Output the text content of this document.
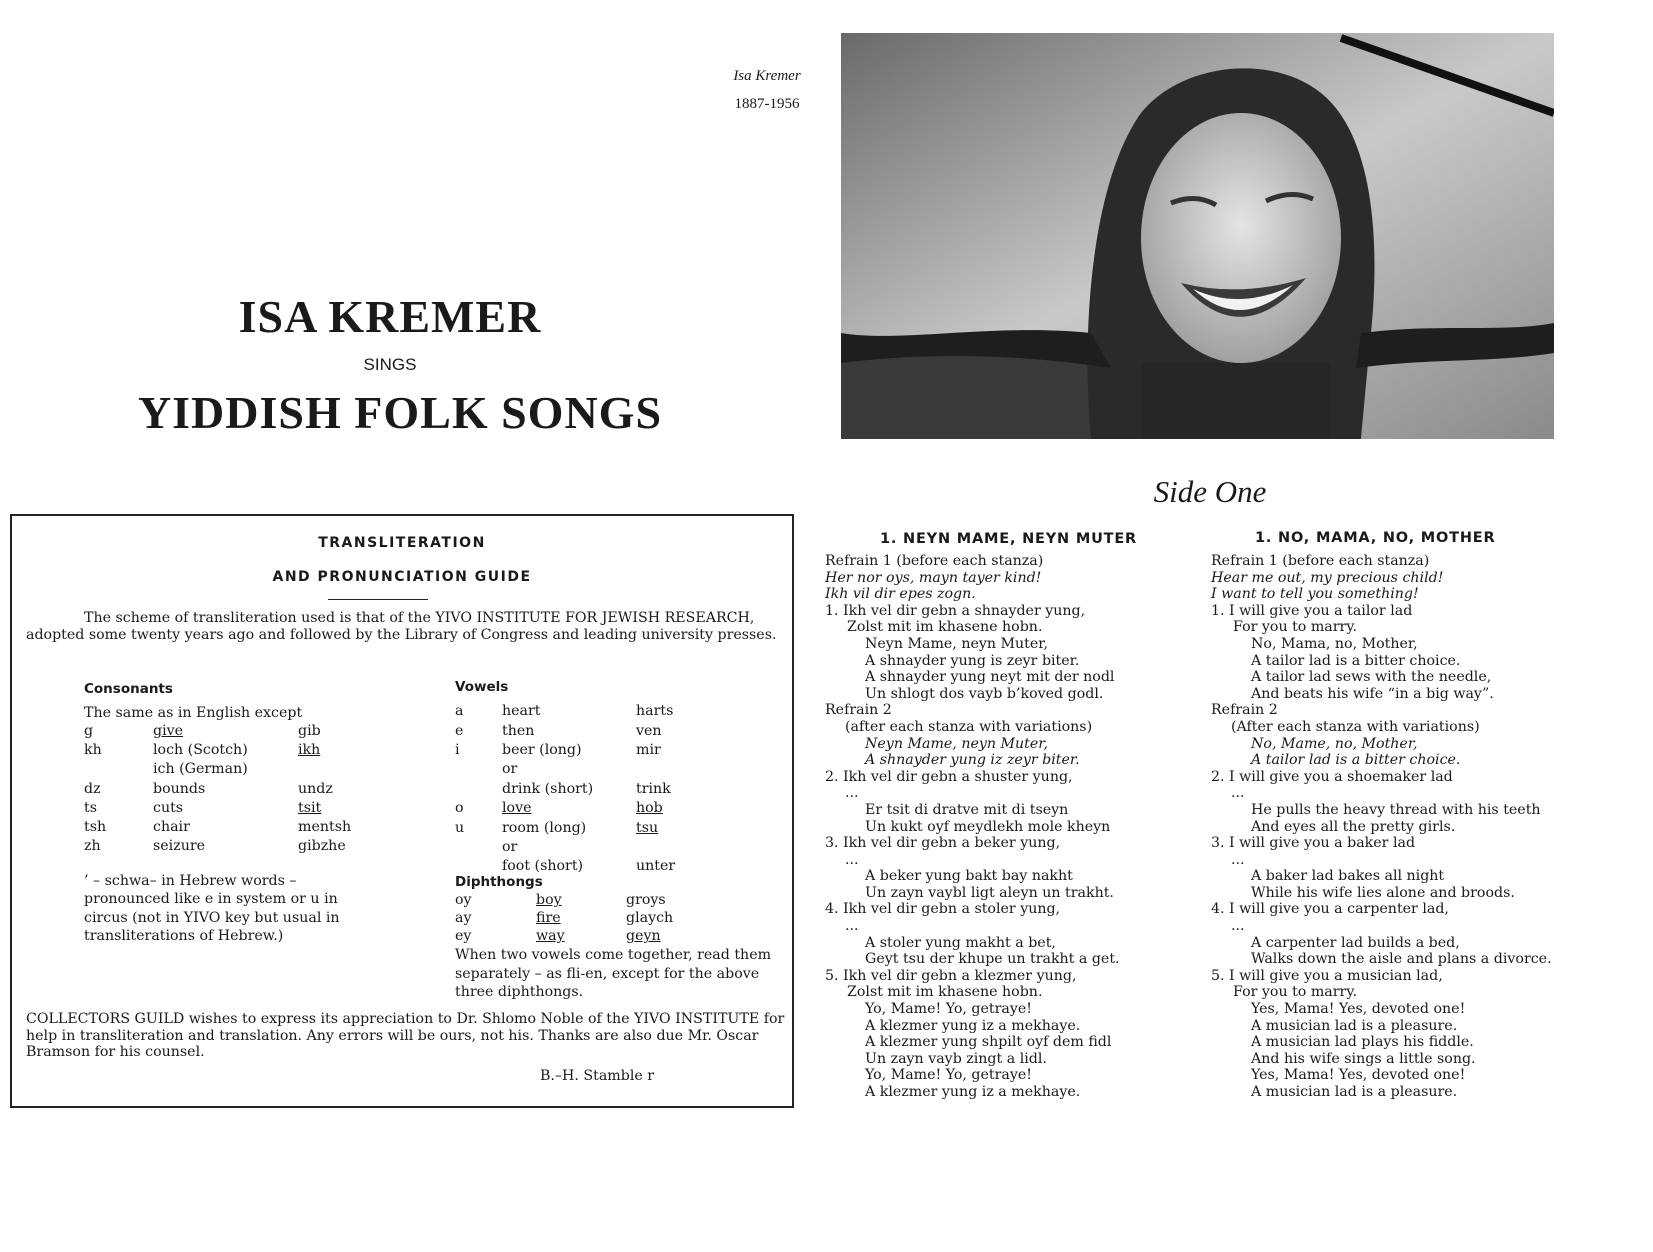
Isa Kremer
1887-1956
ISA KREMER
SINGS
YIDDISH FOLK SONGS
TRANSLITERATION
AND PRONUNCIATION GUIDE
The scheme of transliteration used is that of the YIVO INSTITUTE FOR JEWISH RESEARCH, adopted some twenty years ago and followed by the Library of Congress and leading university presses.
Consonants
The same as in English except
g	give	gib
kh	loch (Scotch)	ikh
ich (German)
dz	bounds	undz
ts	cuts	tsit
tsh	chair	mentsh
zh	seizure	gibzhe
’ – schwa– in Hebrew words – pronounced like e in system or u in circus (not in YIVO key but usual in transliterations of Hebrew.)
Vowels
a	heart	harts
e	then	ven
i	beer (long)	mir
or
drink (short)	trink
o	love	hob
u	room (long)	tsu
or
foot (short)	unter
Diphthongs
oy	boy	groys
ay	fire	glaych
ey	way	geyn
When two vowels come together, read them separately – as fli-en, except for the above three diphthongs.
COLLECTORS GUILD wishes to express its appreciation to Dr. Shlomo Noble of the YIVO INSTITUTE for help in transliteration and translation. Any errors will be ours, not his. Thanks are also due Mr. Oscar Bramson for his counsel.
B.–H. Stamble r
Side One
1. NEYN MAME, NEYN MUTER
Refrain 1 (before each stanza)
Her nor oys, mayn tayer kind!
Ikh vil dir epes zogn.
1. Ikh vel dir gebn a shnayder yung,
Zolst mit im khasene hobn.
Neyn Mame, neyn Muter,
A shnayder yung is zeyr biter.
A shnayder yung neyt mit der nodl
Un shlogt dos vayb b’koved godl.
Refrain 2
(after each stanza with variations)
Neyn Mame, neyn Muter,
A shnayder yung iz zeyr biter.
2. Ikh vel dir gebn a shuster yung,
...
Er tsit di dratve mit di tseyn
Un kukt oyf meydlekh mole kheyn
3. Ikh vel dir gebn a beker yung,
...
A beker yung bakt bay nakht
Un zayn vaybl ligt aleyn un trakht.
4. Ikh vel dir gebn a stoler yung,
...
A stoler yung makht a bet,
Geyt tsu der khupe un trakht a get.
5. Ikh vel dir gebn a klezmer yung,
Zolst mit im khasene hobn.
Yo, Mame! Yo, getraye!
A klezmer yung iz a mekhaye.
A klezmer yung shpilt oyf dem fidl
Un zayn vayb zingt a lidl.
Yo, Mame! Yo, getraye!
A klezmer yung iz a mekhaye.
1. NO, MAMA, NO, MOTHER
Refrain 1 (before each stanza)
Hear me out, my precious child!
I want to tell you something!
1. I will give you a tailor lad
For you to marry.
No, Mama, no, Mother,
A tailor lad is a bitter choice.
A tailor lad sews with the needle,
And beats his wife “in a big way”.
Refrain 2
(After each stanza with variations)
No, Mame, no, Mother,
A tailor lad is a bitter choice.
2. I will give you a shoemaker lad
...
He pulls the heavy thread with his teeth
And eyes all the pretty girls.
3. I will give you a baker lad
...
A baker lad bakes all night
While his wife lies alone and broods.
4. I will give you a carpenter lad,
...
A carpenter lad builds a bed,
Walks down the aisle and plans a divorce.
5. I will give you a musician lad,
For you to marry.
Yes, Mama! Yes, devoted one!
A musician lad is a pleasure.
A musician lad plays his fiddle.
And his wife sings a little song.
Yes, Mama! Yes, devoted one!
A musician lad is a pleasure.
